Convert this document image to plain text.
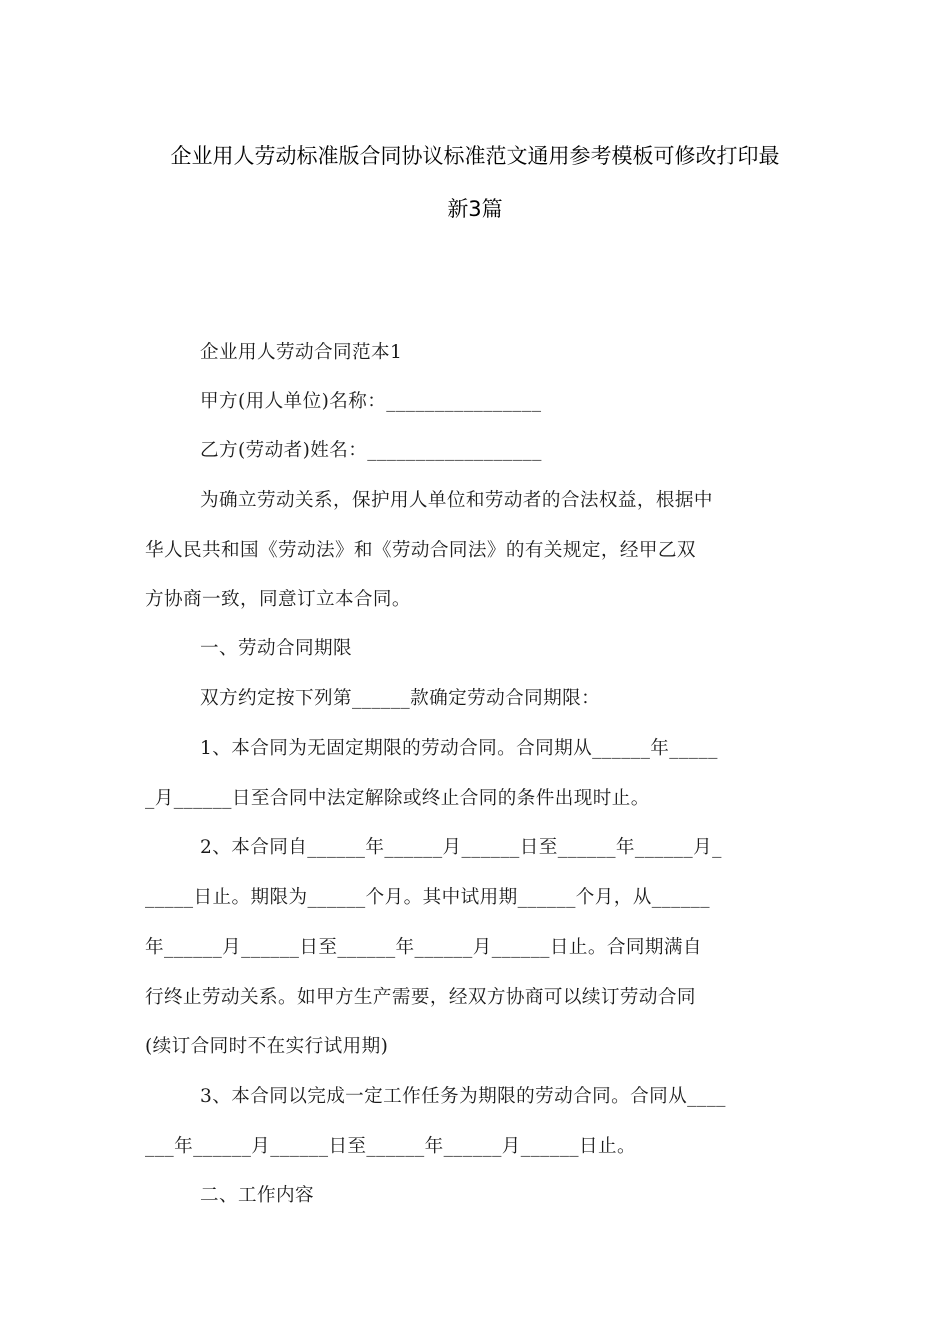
企业用人劳动标准版合同协议标准范文通用参考模板可修改打印最
新3篇
企业用人劳动合同范本1
甲方(用人单位)名称：________________
乙方(劳动者)姓名：__________________
为确立劳动关系，保护用人单位和劳动者的合法权益，根据中
华人民共和国《劳动法》和《劳动合同法》的有关规定，经甲乙双
方协商一致，同意订立本合同。
一、劳动合同期限
双方约定按下列第______款确定劳动合同期限：
1、本合同为无固定期限的劳动合同。合同期从______年_____
_月______日至合同中法定解除或终止合同的条件出现时止。
2、本合同自______年______月______日至______年______月_
_____日止。期限为______个月。其中试用期______个月，从______
年______月______日至______年______月______日止。合同期满自
行终止劳动关系。如甲方生产需要，经双方协商可以续订劳动合同
(续订合同时不在实行试用期)
3、本合同以完成一定工作任务为期限的劳动合同。合同从____
___年______月______日至______年______月______日止。
二、工作内容
